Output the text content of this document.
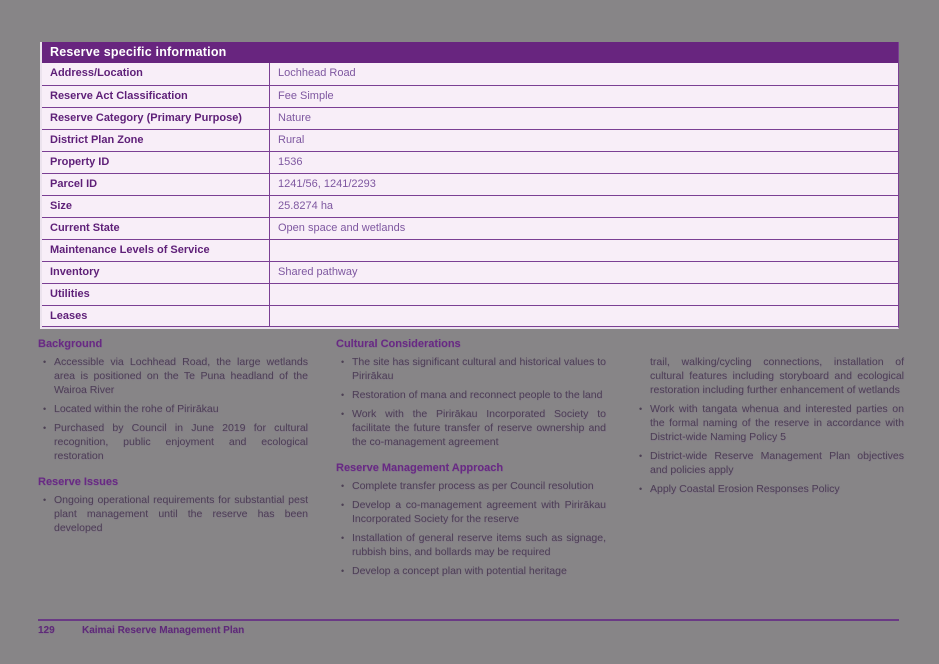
Reserve specific information
Address/Location	Lochhead Road
Reserve Act Classification	Fee Simple
Reserve Category (Primary Purpose)	Nature
District Plan Zone	Rural
Property ID	1536
Parcel ID	1241/56, 1241/2293
Size	25.8274 ha
Current State	Open space and wetlands
Maintenance Levels of Service
Inventory	Shared pathway
Utilities
Leases
Background
• Accessible via Lochhead Road, the large wetlands area is positioned on the Te Puna headland of the Wairoa River
• Located within the rohe of Pirirākau
• Purchased by Council in June 2019 for cultural recognition, public enjoyment and ecological restoration
Reserve Issues
• Ongoing operational requirements for substantial pest plant management until the reserve has been developed
Cultural Considerations
• The site has significant cultural and historical values to Pirirākau
• Restoration of mana and reconnect people to the land
• Work with the Pirirākau Incorporated Society to facilitate the future transfer of reserve ownership and the co-management agreement
Reserve Management Approach
• Complete transfer process as per Council resolution
• Develop a co-management agreement with Pirirākau Incorporated Society for the reserve
• Installation of general reserve items such as signage, rubbish bins, and bollards may be required
• Develop a concept plan with potential heritage
trail, walking/cycling connections, installation of cultural features including storyboard and ecological restoration including further enhancement of wetlands
• Work with tangata whenua and interested parties on the formal naming of the reserve in accordance with District-wide Naming Policy 5
• District-wide Reserve Management Plan objectives and policies apply
• Apply Coastal Erosion Responses Policy
129	Kaimai Reserve Management Plan
